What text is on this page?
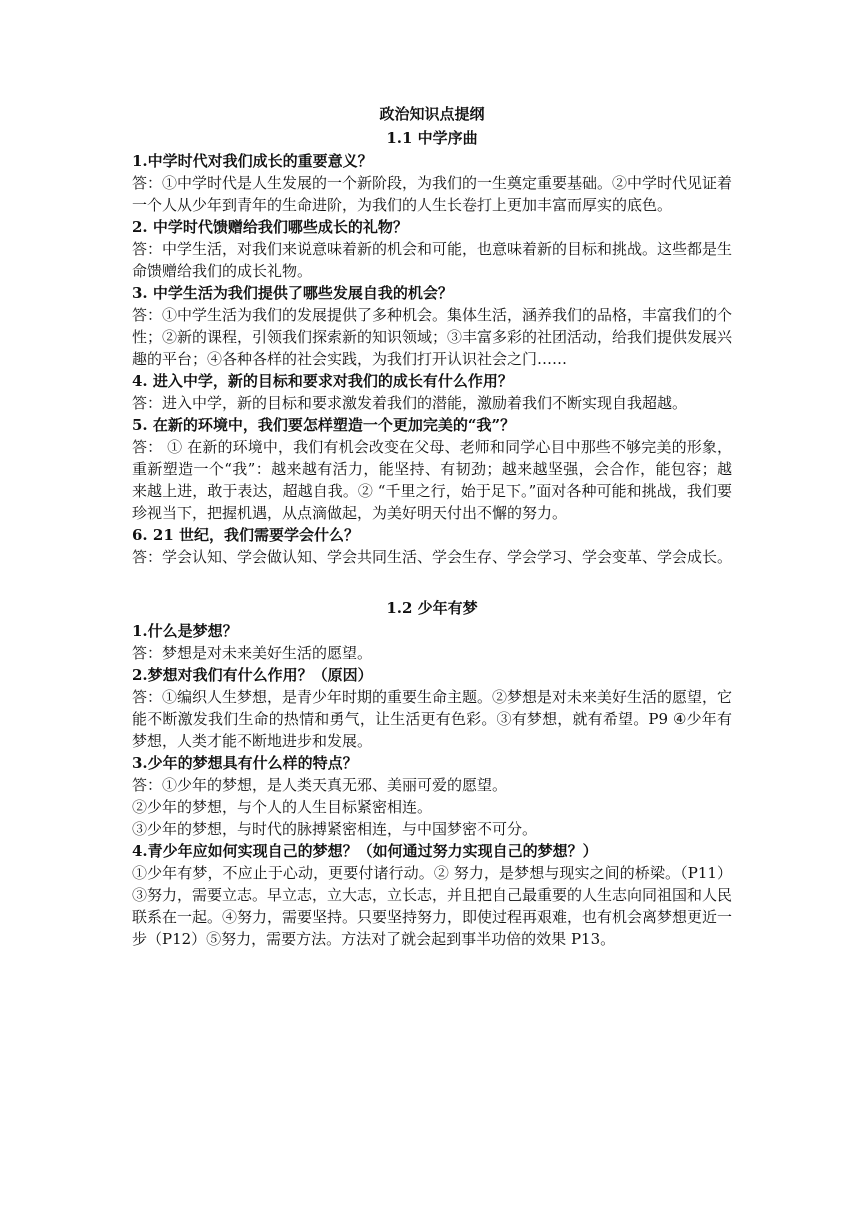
政治知识点提纲

1.1 中学序曲

1.中学时代对我们成长的重要意义？

答：①中学时代是人生发展的一个新阶段，为我们的一生奠定重要基础。②中学时代见证着一个人从少年到青年的生命进阶，为我们的人生长卷打上更加丰富而厚实的底色。

2. 中学时代馈赠给我们哪些成长的礼物？

答：中学生活，对我们来说意味着新的机会和可能，也意味着新的目标和挑战。这些都是生命馈赠给我们的成长礼物。

3. 中学生活为我们提供了哪些发展自我的机会？

答：①中学生活为我们的发展提供了多种机会。集体生活，涵养我们的品格，丰富我们的个性；②新的课程，引领我们探索新的知识领域；③丰富多彩的社团活动，给我们提供发展兴趣的平台；④各种各样的社会实践，为我们打开认识社会之门……

4. 进入中学，新的目标和要求对我们的成长有什么作用？

答：进入中学，新的目标和要求激发着我们的潜能，激励着我们不断实现自我超越。

5. 在新的环境中，我们要怎样塑造一个更加完美的“我”？

答： ① 在新的环境中，我们有机会改变在父母、老师和同学心目中那些不够完美的形象，重新塑造一个“我”：越来越有活力，能坚持、有韧劲；越来越坚强，会合作，能包容；越来越上进，敢于表达，超越自我。② “千里之行，始于足下。”面对各种可能和挑战，我们要珍视当下，把握机遇，从点滴做起，为美好明天付出不懈的努力。

6. 21 世纪，我们需要学会什么？

答：学会认知、学会做认知、学会共同生活、学会生存、学会学习、学会变革、学会成长。

1.2 少年有梦

1.什么是梦想？

答：梦想是对未来美好生活的愿望。

2.梦想对我们有什么作用？（原因）

答：①编织人生梦想，是青少年时期的重要生命主题。②梦想是对未来美好生活的愿望，它能不断激发我们生命的热情和勇气，让生活更有色彩。③有梦想，就有希望。P9 ④少年有梦想，人类才能不断地进步和发展。

3.少年的梦想具有什么样的特点？

答：①少年的梦想，是人类天真无邪、美丽可爱的愿望。

②少年的梦想，与个人的人生目标紧密相连。

③少年的梦想，与时代的脉搏紧密相连，与中国梦密不可分。

4.青少年应如何实现自己的梦想？（如何通过努力实现自己的梦想？）

①少年有梦，不应止于心动，更要付诸行动。② 努力，是梦想与现实之间的桥梁。（P11）③努力，需要立志。早立志，立大志，立长志，并且把自己最重要的人生志向同祖国和人民联系在一起。④努力，需要坚持。只要坚持努力，即使过程再艰难，也有机会离梦想更近一步（P12）⑤努力，需要方法。方法对了就会起到事半功倍的效果 P13。
